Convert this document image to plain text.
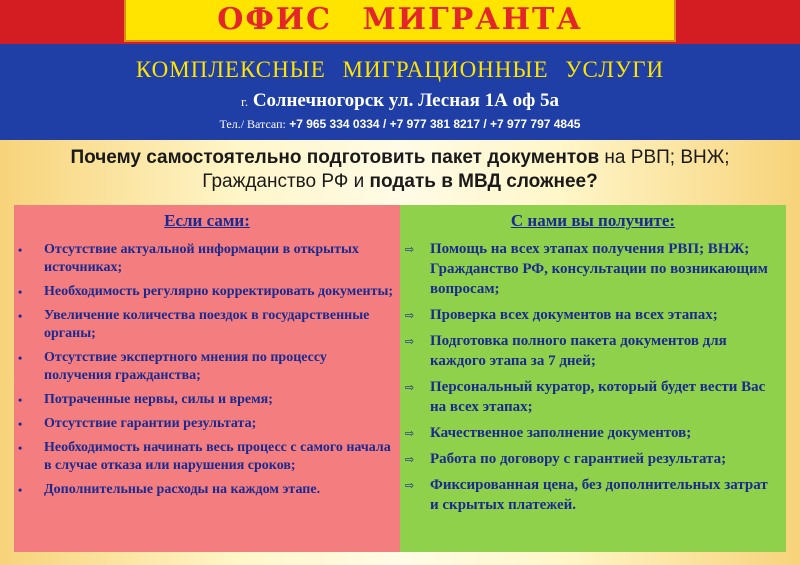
ОФИС МИГРАНТА
КОМПЛЕКСНЫЕ МИГРАЦИОННЫЕ УСЛУГИ
г. Солнечногорск ул. Лесная 1А оф 5а
Тел./ Ватсап: +7 965 334 0334 / +7 977 381 8217 / +7 977 797 4845
Почему самостоятельно подготовить пакет документов на РВП; ВНЖ;
Гражданство РФ и подать в МВД сложнее?
Если сами:
• Отсутствие актуальной информации в открытых источниках;
• Необходимость регулярно корректировать документы;
• Увеличение количества поездок в государственные органы;
• Отсутствие экспертного мнения по процессу получения гражданства;
• Потраченные нервы, силы и время;
• Отсутствие гарантии результата;
• Необходимость начинать весь процесс с самого начала в случае отказа или нарушения сроков;
• Дополнительные расходы на каждом этапе.
С нами вы получите:
⇨ Помощь на всех этапах получения РВП; ВНЖ; Гражданство РФ, консультации по возникающим вопросам;
⇨ Проверка всех документов на всех этапах;
⇨ Подготовка полного пакета документов для каждого этапа за 7 дней;
⇨ Персональный куратор, который будет вести Вас на всех этапах;
⇨ Качественное заполнение документов;
⇨ Работа по договору с гарантией результата;
⇨ Фиксированная цена, без дополнительных затрат и скрытых платежей.
